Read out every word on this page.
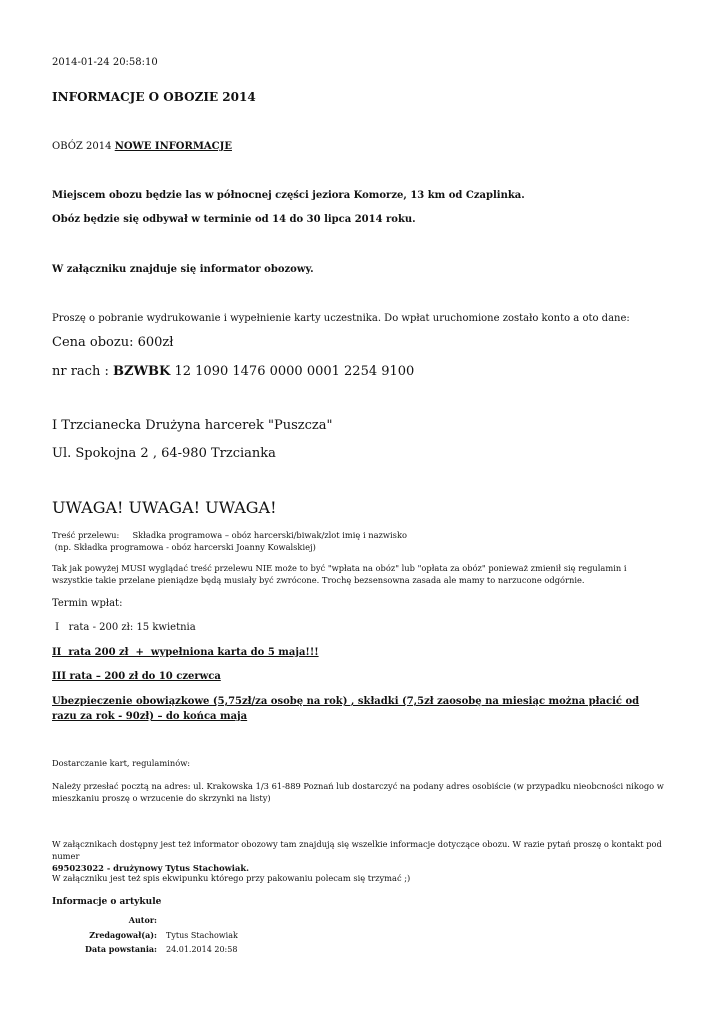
2014-01-24 20:58:10
INFORMACJE O OBOZIE 2014
OBÓZ 2014 NOWE INFORMACJE
Miejscem obozu będzie las w północnej części jeziora Komorze, 13 km od Czaplinka.
Obóz będzie się odbywał w terminie od 14 do 30 lipca 2014 roku.
W załączniku znajduje się informator obozowy.
Proszę o pobranie wydrukowanie i wypełnienie karty uczestnika. Do wpłat uruchomione zostało konto a oto dane:
Cena obozu: 600zł
nr rach : BZWBK 12 1090 1476 0000 0001 2254 9100
I Trzcianecka Drużyna harcerek "Puszcza"
Ul. Spokojna 2 , 64-980 Trzcianka
UWAGA! UWAGA! UWAGA!
Treść przelewu:     Składka programowa – obóz harcerski/biwak/zlot imię i nazwisko
(np. Składka programowa - obóz harcerski Joanny Kowalskiej)
Tak jak powyżej MUSI wyglądać treść przelewu NIE może to być "wpłata na obóz" lub "opłata za obóz" ponieważ zmienił się regulamin i wszystkie takie przelane pieniądze będą musiały być zwrócone. Trochę bezsensowna zasada ale mamy to narzucone odgórnie.
Termin wpłat:
I   rata - 200 zł: 15 kwietnia
II  rata 200 zł  +  wypełniona karta do 5 maja!!!
III rata – 200 zł do 10 czerwca
Ubezpieczenie obowiązkowe (5,75zł/za osobę na rok) , składki (7,5zł zaosobę na miesiąc można płacić od razu za rok - 90zł) – do końca maja
Dostarczanie kart, regulaminów:
Należy przesłać pocztą na adres: ul. Krakowska 1/3 61-889 Poznań lub dostarczyć na podany adres osobiście (w przypadku nieobcności nikogo w mieszkaniu proszę o wrzucenie do skrzynki na listy)
W załącznikach dostępny jest też informator obozowy tam znajdują się wszelkie informacje dotyczące obozu. W razie pytań proszę o kontakt pod numer
695023022 - drużynowy Tytus Stachowiak.
W załączniku jest też spis ekwipunku którego przy pakowaniu polecam się trzymać ;)
Informacje o artykule
Autor:
Zredagował(a): Tytus Stachowiak
Data powstania: 24.01.2014 20:58
